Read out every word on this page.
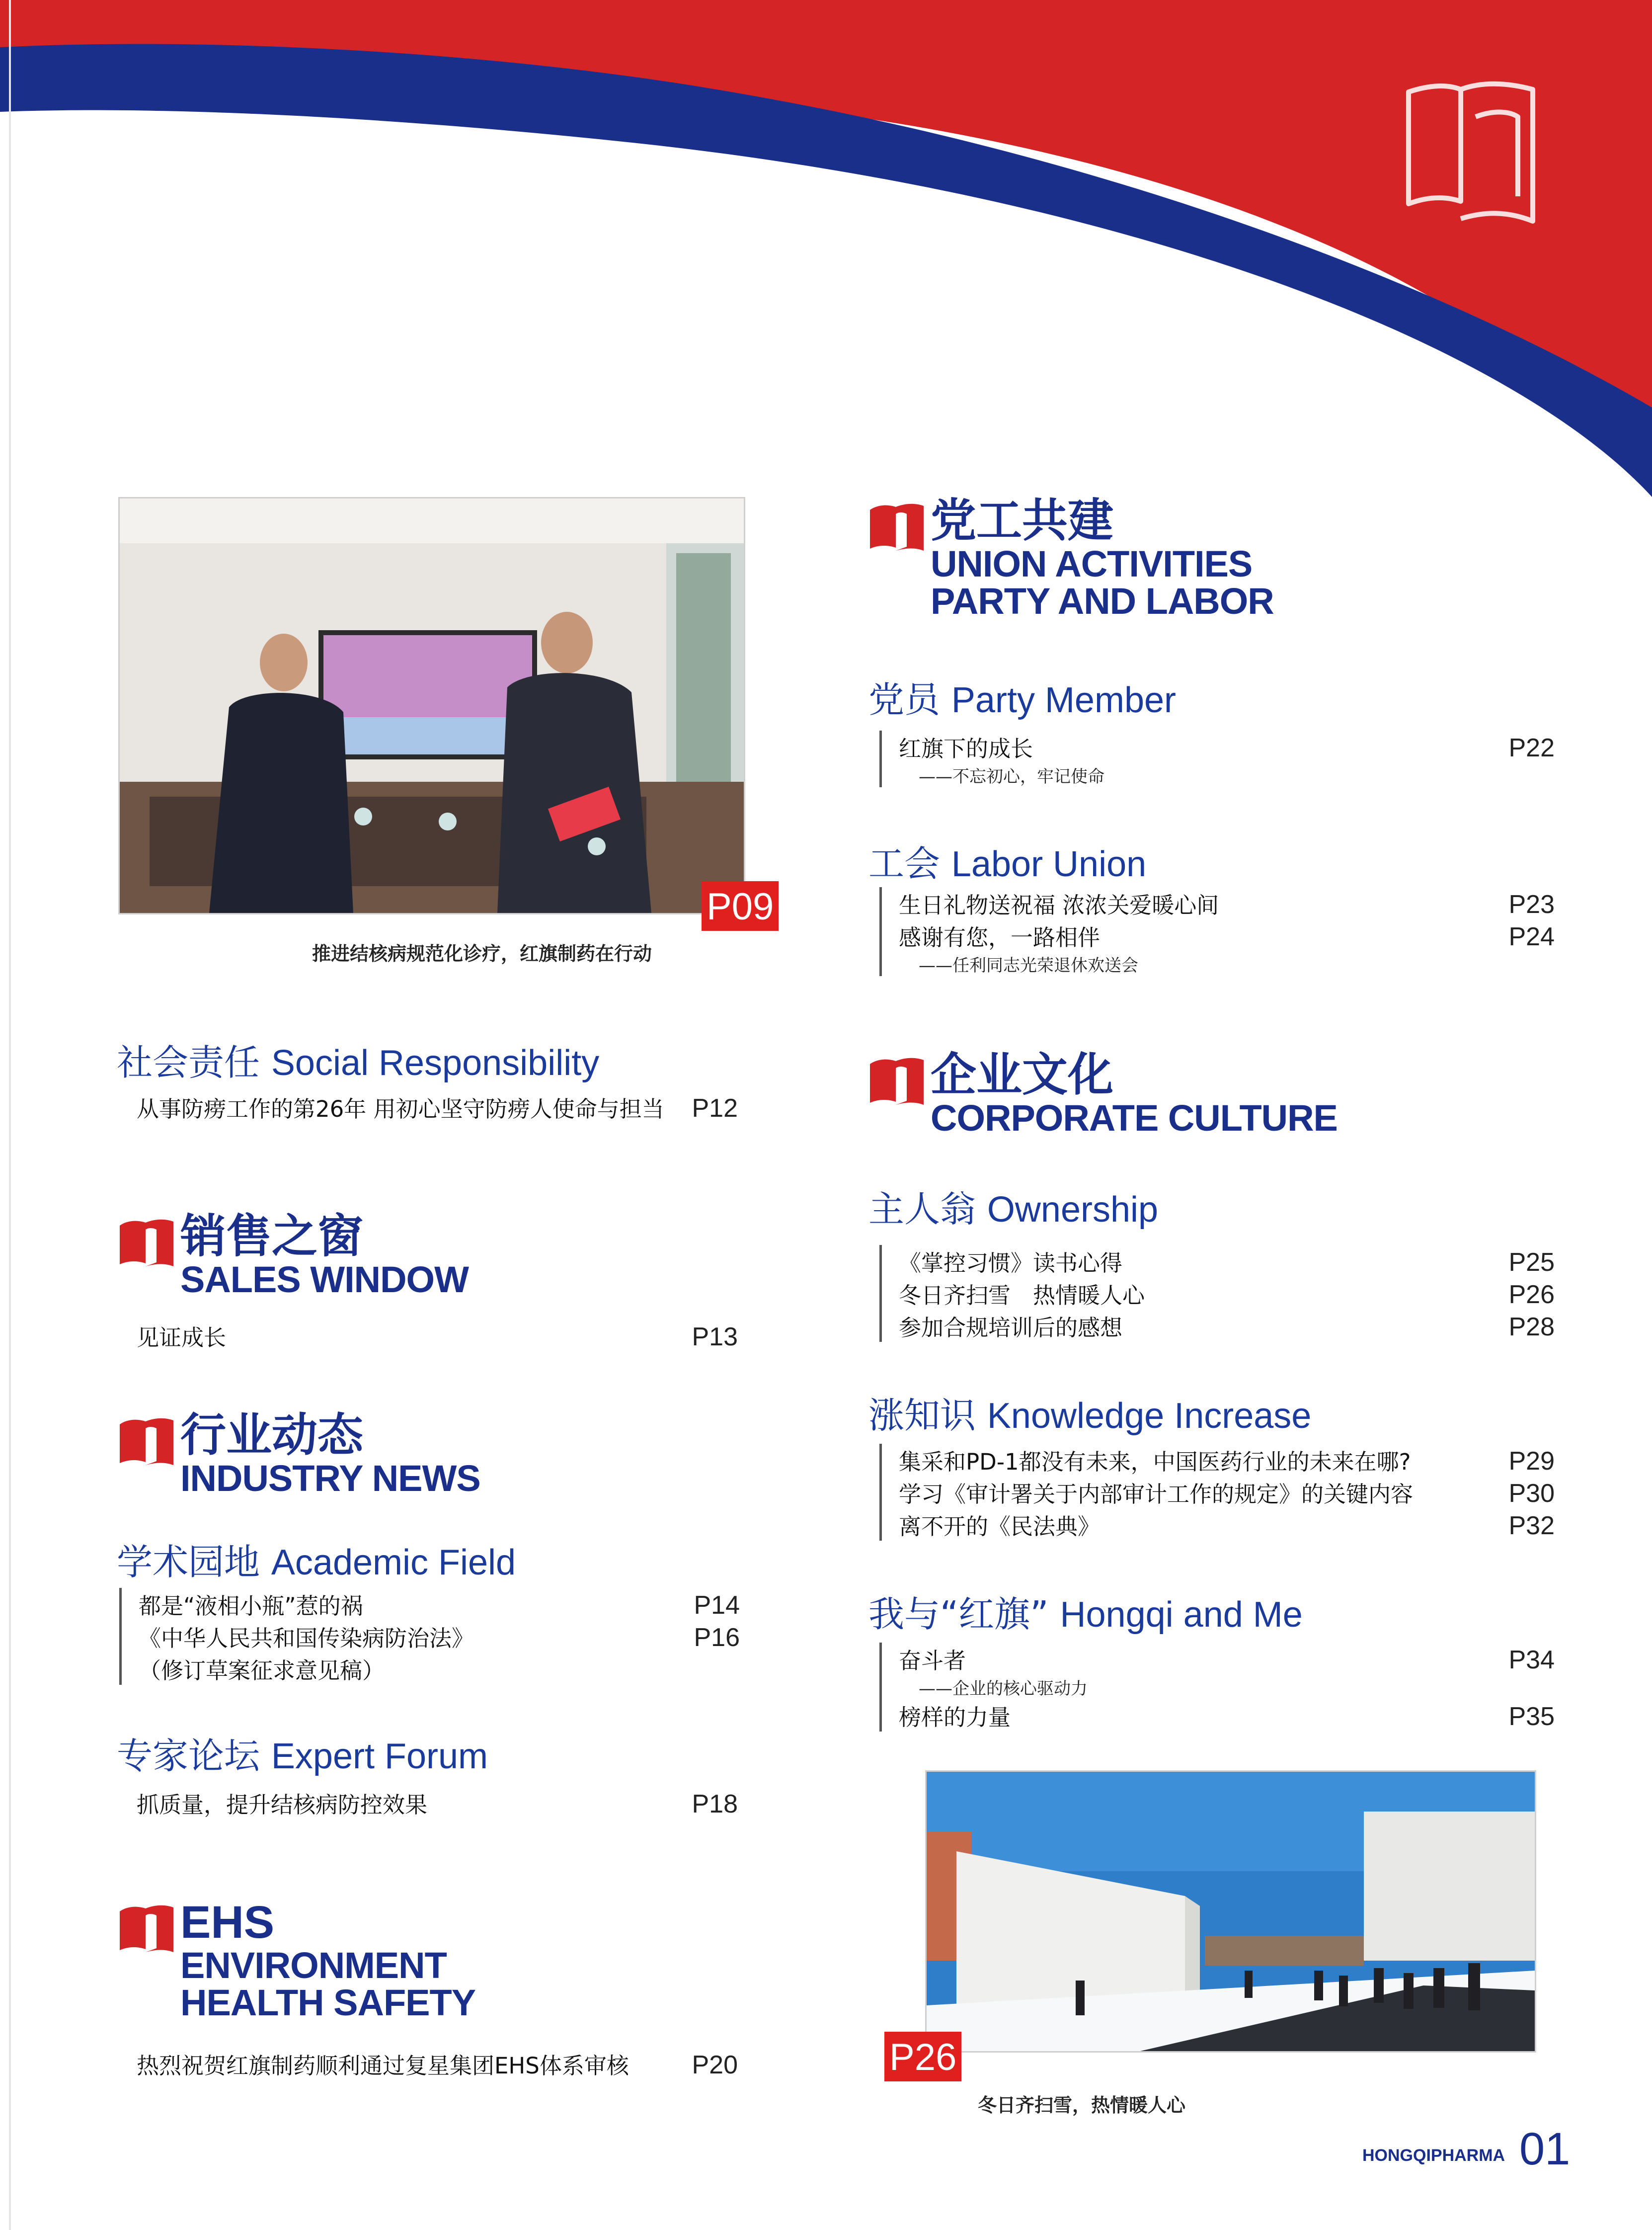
P09
推进结核病规范化诊疗，红旗制药在行动
社会责任 Social Responsibility
从事防痨工作的第26年 用初心坚守防痨人使命与担当 P12
销售之窗
SALES WINDOW
见证成长	P13
行业动态
INDUSTRY NEWS
学术园地 Academic Field
都是“液相小瓶”惹的祸	P14
《中华人民共和国传染病防治法》	P16
（修订草案征求意见稿）
专家论坛 Expert Forum
抓质量，提升结核病防控效果	P18
EHS
ENVIRONMENT
HEALTH SAFETY
热烈祝贺红旗制药顺利通过复星集团EHS体系审核 P20
党工共建
UNION ACTIVITIES
PARTY AND LABOR
党员 Party Member
红旗下的成长	P22
——不忘初心，牢记使命
工会 Labor Union
生日礼物送祝福 浓浓关爱暖心间	P23
感谢有您，一路相伴	P24
——任利同志光荣退休欢送会
企业文化
CORPORATE CULTURE
主人翁 Ownership
《掌控习惯》读书心得	P25
冬日齐扫雪　热情暖人心	P26
参加合规培训后的感想	P28
涨知识 Knowledge Increase
集采和PD-1都没有未来，中国医药行业的未来在哪?	P29
学习《审计署关于内部审计工作的规定》的关键内容	P30
离不开的《民法典》	P32
我与“红旗” Hongqi and Me
奋斗者	P34
——企业的核心驱动力
榜样的力量	P35
P26
冬日齐扫雪，热情暖人心
HONGQIPHARMA 01
